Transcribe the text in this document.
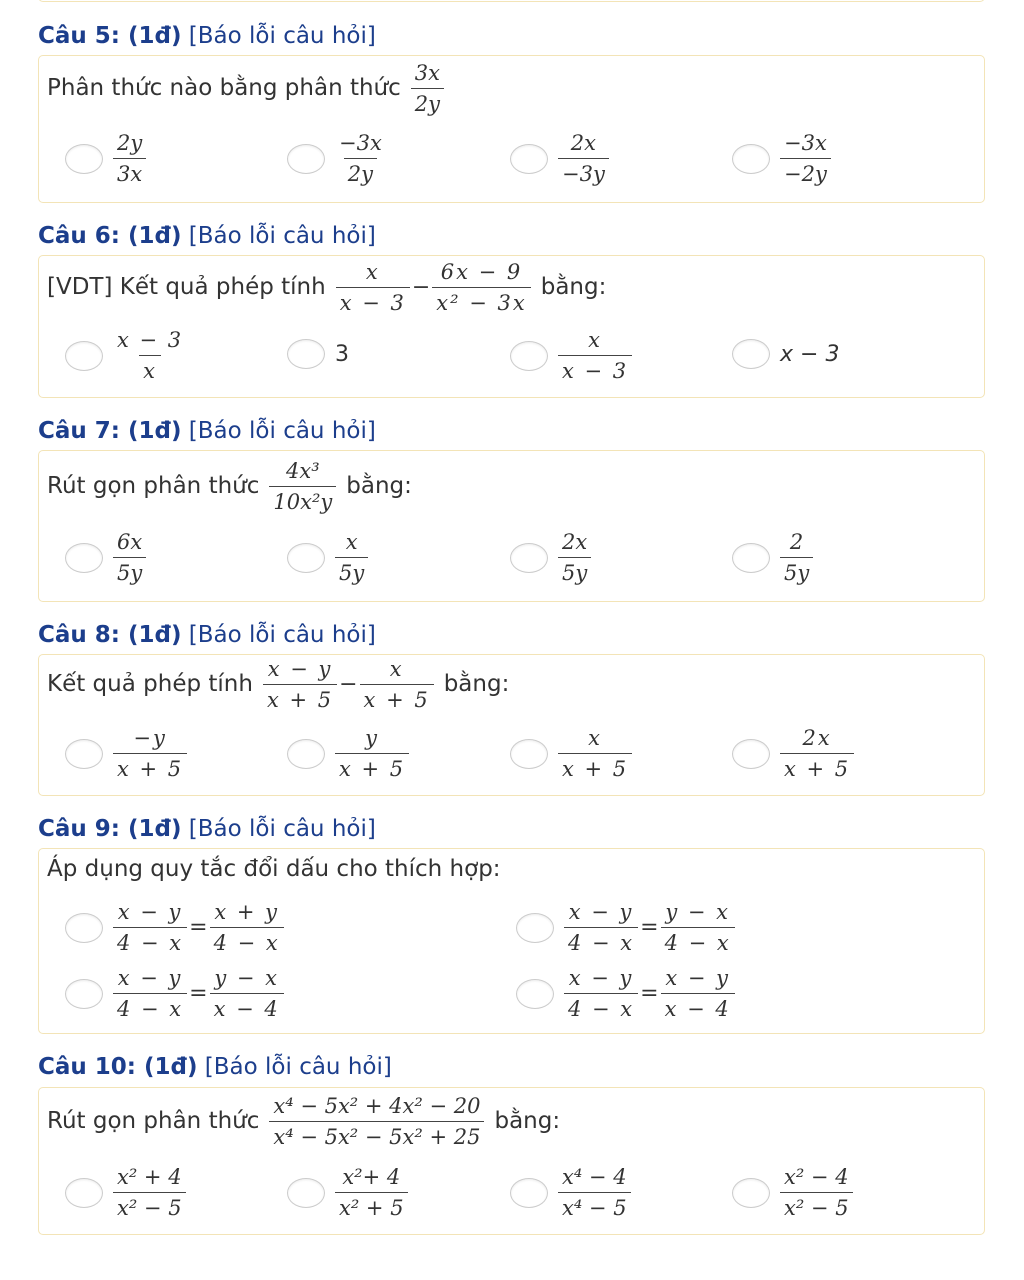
Câu 5: (1đ) [Báo lỗi câu hỏi]
Phân thức nào bằng phân thức $\frac{3x}{2y}$
$\frac{2y}{3x}$	$\frac{-3x}{2y}$	$\frac{2x}{-3y}$	$\frac{-3x}{-2y}$
Câu 6: (1đ) [Báo lỗi câu hỏi]
[VDT] Kết quả phép tính $\frac{x}{x - 3} - \frac{6x - 9}{\text{x² − 3x}}$ bằng:
$\frac{x - 3}{x}$	3	$\frac{x}{x - 3}$	x − 3
Câu 7: (1đ) [Báo lỗi câu hỏi]
Rút gọn phân thức $\frac{\text{4x³}}{\text{10x²y}}$ bằng:
$\frac{6x}{5y}$	$\frac{x}{5y}$	$\frac{2x}{5y}$	$\frac{2}{5y}$
Câu 8: (1đ) [Báo lỗi câu hỏi]
Kết quả phép tính $\frac{x - y}{x + 5} - \frac{x}{x + 5}$ bằng:
$\frac{-y}{x + 5}$	$\frac{y}{x + 5}$	$\frac{x}{x + 5}$	$\frac{2x}{x + 5}$
Câu 9: (1đ) [Báo lỗi câu hỏi]
Áp dụng quy tắc đổi dấu cho thích hợp:
$\frac{x - y}{4 - x} = \frac{x + y}{4 - x}$	$\frac{x - y}{4 - x} = \frac{y - x}{4 - x}$
$\frac{x - y}{4 - x} = \frac{y - x}{x - 4}$	$\frac{x - y}{4 - x} = \frac{x - y}{x - 4}$
Câu 10: (1đ) [Báo lỗi câu hỏi]
Rút gọn phân thức $\frac{\text{x⁴ − 5x² + 4x² − 20}}{\text{x⁴ − 5x² − 5x² + 25}}$ bằng:
$\frac{\text{x² + 4}}{\text{x² − 5}}$	$\frac{\text{x²+ 4}}{\text{x² + 5}}$	$\frac{\text{x⁴ − 4}}{\text{x⁴ − 5}}$	$\frac{\text{x² − 4}}{\text{x² − 5}}$
